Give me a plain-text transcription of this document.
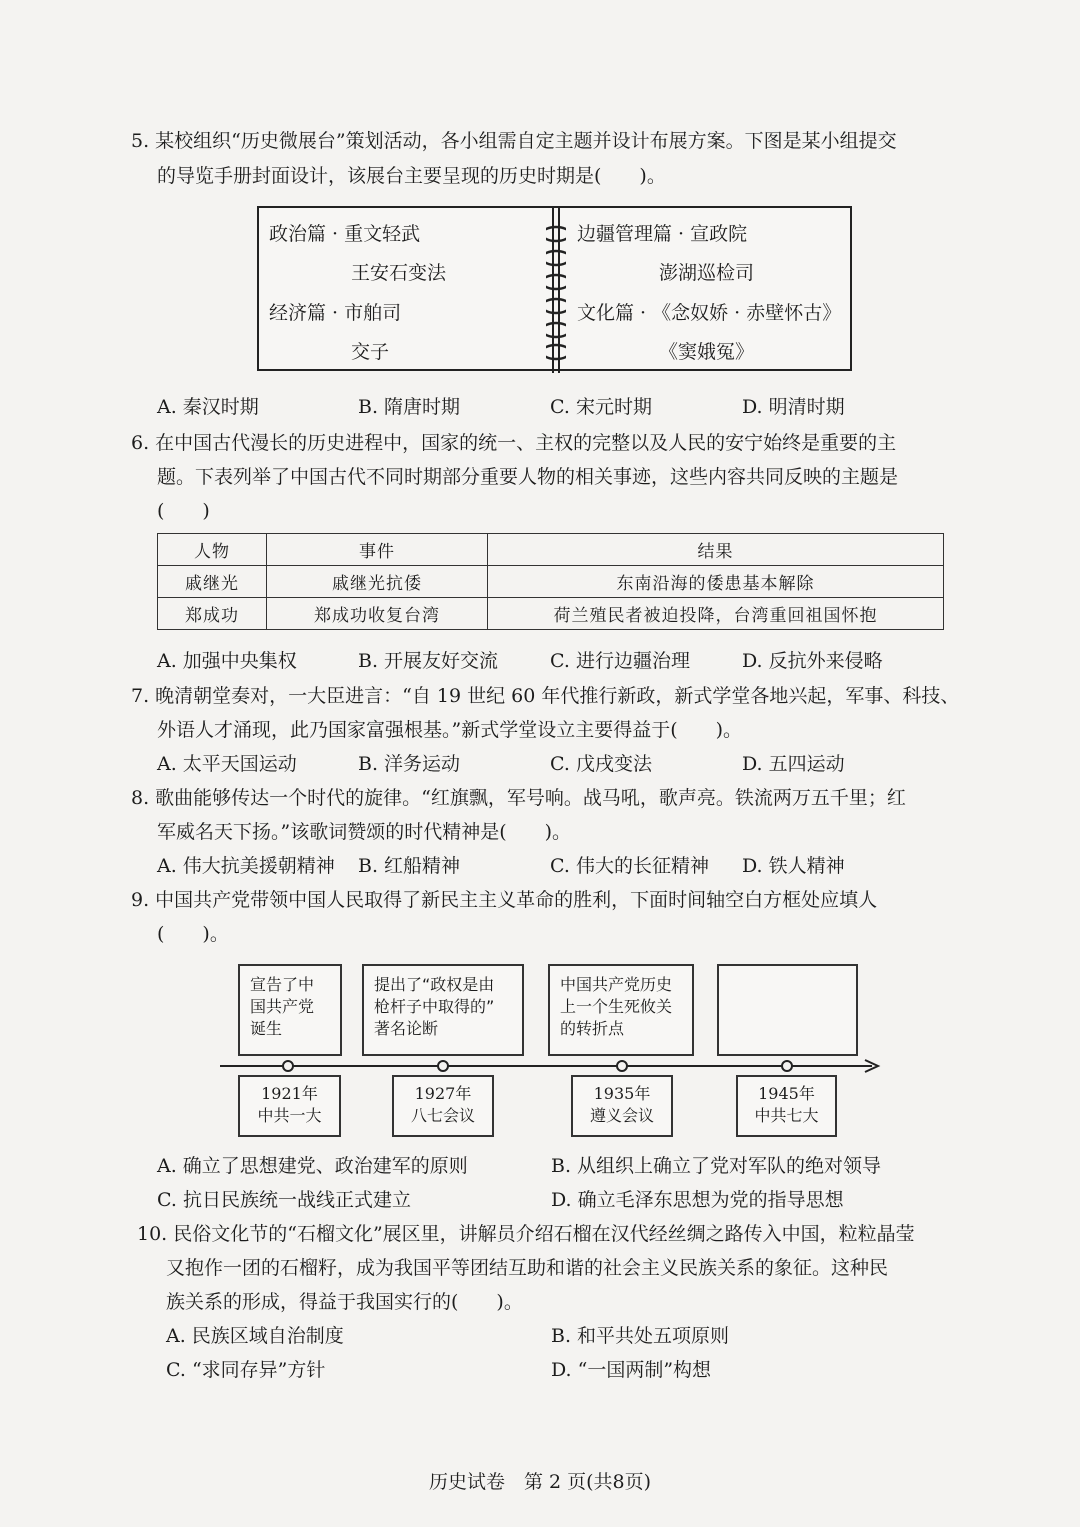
5. 某校组织“历史微展台”策划活动，各小组需自定主题并设计布展方案。下图是某小组提交
的导览手册封面设计，该展台主要呈现的历史时期是(　　)。
政治篇 · 重文轻武
王安石变法
经济篇 · 市舶司
交子
边疆管理篇 · 宣政院
澎湖巡检司
文化篇 · 《念奴娇 · 赤壁怀古》
《窦娥冤》
A. 秦汉时期	B. 隋唐时期	C. 宋元时期	D. 明清时期
6. 在中国古代漫长的历史进程中，国家的统一、主权的完整以及人民的安宁始终是重要的主
题。下表列举了中国古代不同时期部分重要人物的相关事迹，这些内容共同反映的主题是
(　　)
人物	事件	结果
戚继光	戚继光抗倭	东南沿海的倭患基本解除
郑成功	郑成功收复台湾	荷兰殖民者被迫投降，台湾重回祖国怀抱
A. 加强中央集权	B. 开展友好交流	C. 进行边疆治理	D. 反抗外来侵略
7. 晚清朝堂奏对，一大臣进言：“自 19 世纪 60 年代推行新政，新式学堂各地兴起，军事、科技、
外语人才涌现，此乃国家富强根基。”新式学堂设立主要得益于(　　)。
A. 太平天国运动	B. 洋务运动	C. 戊戌变法	D. 五四运动
8. 歌曲能够传达一个时代的旋律。“红旗飘，军号响。战马吼，歌声亮。铁流两万五千里；红
军威名天下扬。”该歌词赞颂的时代精神是(　　)。
A. 伟大抗美援朝精神 B. 红船精神	C. 伟大的长征精神 D. 铁人精神
9. 中国共产党带领中国人民取得了新民主主义革命的胜利，下面时间轴空白方框处应填人
(　　)。
宣告了中
国共产党
诞生
提出了“政权是由
枪杆子中取得的”
著名论断
中国共产党历史
上一个生死攸关
的转折点
1921年
中共一大
1927年
八七会议
1935年
遵义会议
1945年
中共七大
A. 确立了思想建党、政治建军的原则	B. 从组织上确立了党对军队的绝对领导
C. 抗日民族统一战线正式建立	D. 确立毛泽东思想为党的指导思想
10. 民俗文化节的“石榴文化”展区里，讲解员介绍石榴在汉代经丝绸之路传入中国，粒粒晶莹
又抱作一团的石榴籽，成为我国平等团结互助和谐的社会主义民族关系的象征。这种民
族关系的形成，得益于我国实行的(　　)。
A. 民族区域自治制度	B. 和平共处五项原则
C. “求同存异”方针	D. “一国两制”构想
历史试卷　第 2 页(共8页)
